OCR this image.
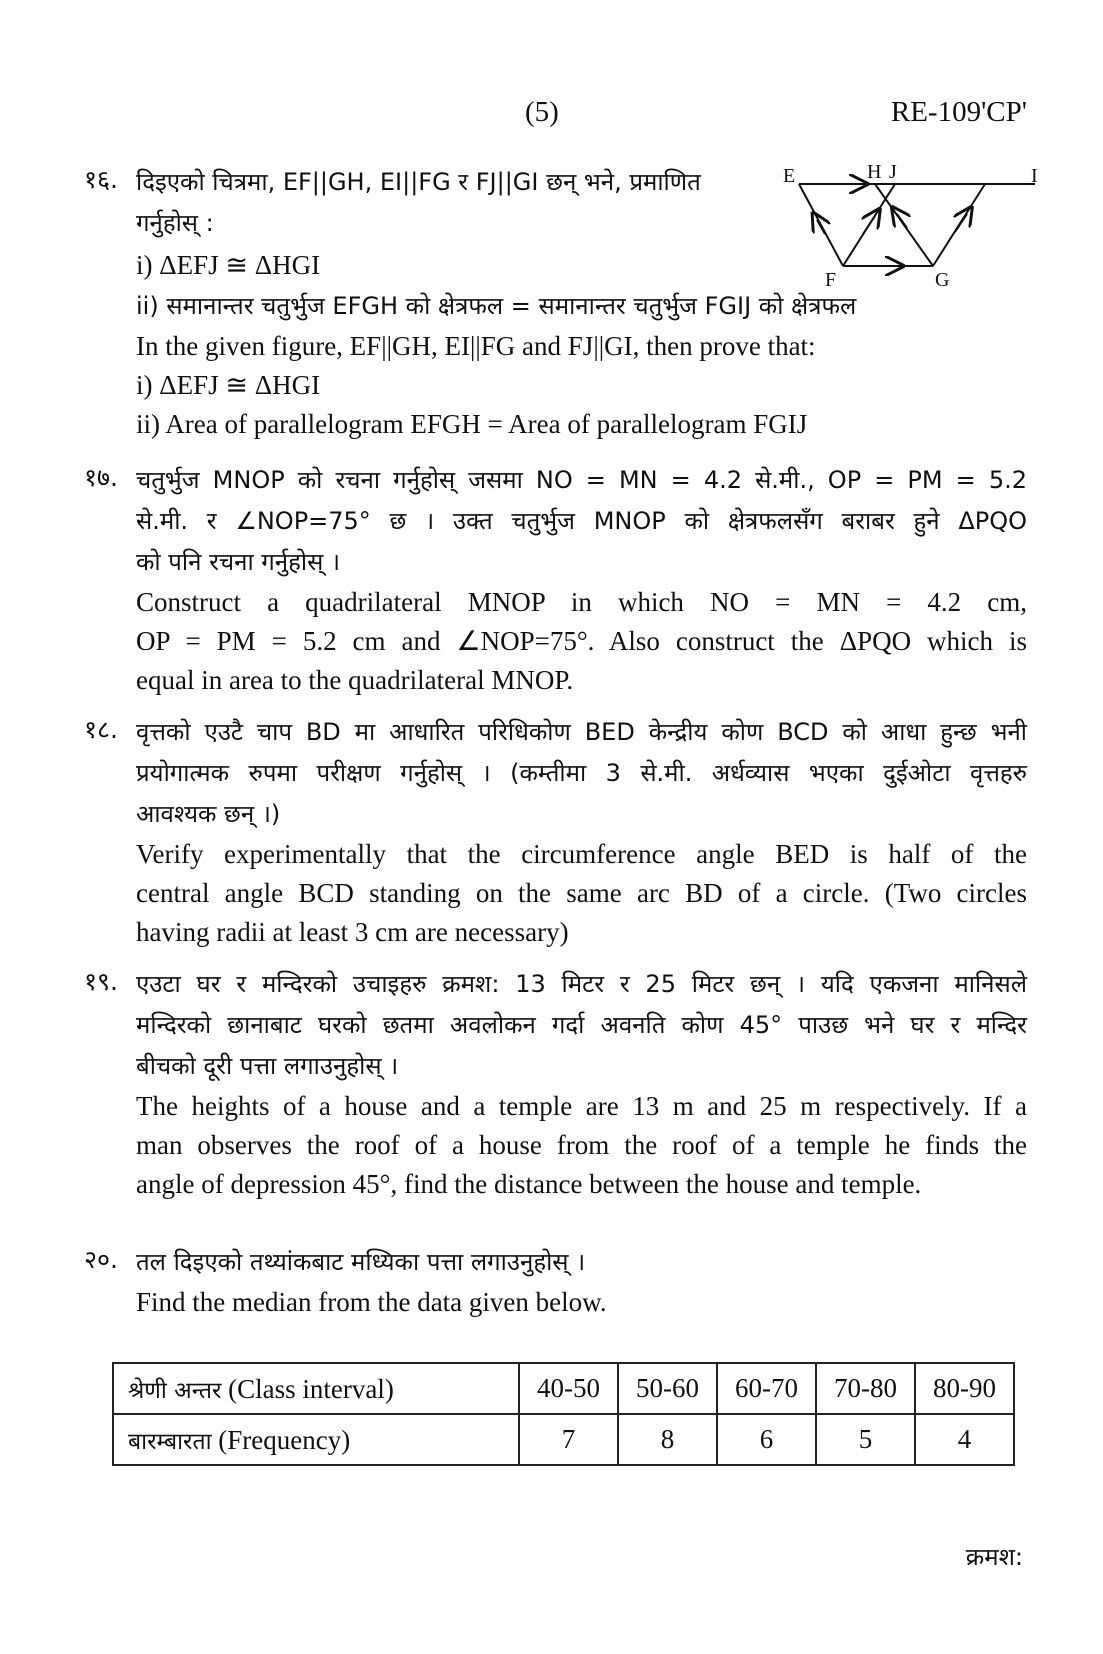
(5)	RE-109'CP'
१६. दिइएको चित्रमा, EF||GH, EI||FG र FJ||GI छन् भने, प्रमाणित
गर्नुहोस् :
i) ΔEFJ ≅ ΔHGI
ii) समानान्तर चतुर्भुज EFGH को क्षेत्रफल = समानान्तर चतुर्भुज FGIJ को क्षेत्रफल
In the given figure, EF||GH, EI||FG and FJ||GI, then prove that:
i) ΔEFJ ≅ ΔHGI
ii) Area of parallelogram EFGH = Area of parallelogram FGIJ
E	H J	I
F	G
१७. चतुर्भुज MNOP को रचना गर्नुहोस् जसमा NO = MN = 4.2 से.मी., OP = PM = 5.2
से.मी. र ∠NOP=75° छ । उक्त चतुर्भुज MNOP को क्षेत्रफलसँग बराबर हुने ΔPQO
को पनि रचना गर्नुहोस् ।
Construct a quadrilateral MNOP in which NO = MN = 4.2 cm,
OP = PM = 5.2 cm and ∠NOP=75°. Also construct the ΔPQO which is
equal in area to the quadrilateral MNOP.
१८. वृत्तको एउटै चाप BD मा आधारित परिधिकोण BED केन्द्रीय कोण BCD को आधा हुन्छ भनी
प्रयोगात्मक रुपमा परीक्षण गर्नुहोस् । (कम्तीमा 3 से.मी. अर्धव्यास भएका दुईओटा वृत्तहरु
आवश्यक छन् ।)
Verify experimentally that the circumference angle BED is half of the
central angle BCD standing on the same arc BD of a circle. (Two circles
having radii at least 3 cm are necessary)
१९. एउटा घर र मन्दिरको उचाइहरु क्रमश: 13 मिटर र 25 मिटर छन् । यदि एकजना मानिसले
मन्दिरको छानाबाट घरको छतमा अवलोकन गर्दा अवनति कोण 45° पाउछ भने घर र मन्दिर
बीचको दूरी पत्ता लगाउनुहोस् ।
The heights of a house and a temple are 13 m and 25 m respectively. If a
man observes the roof of a house from the roof of a temple he finds the
angle of depression 45°, find the distance between the house and temple.
२०. तल दिइएको तथ्यांकबाट मध्यिका पत्ता लगाउनुहोस् ।
Find the median from the data given below.
श्रेणी अन्तर (Class interval)	40-50	50-60	60-70	70-80	80-90
बारम्बारता (Frequency)	7	8	6	5	4
क्रमश:
